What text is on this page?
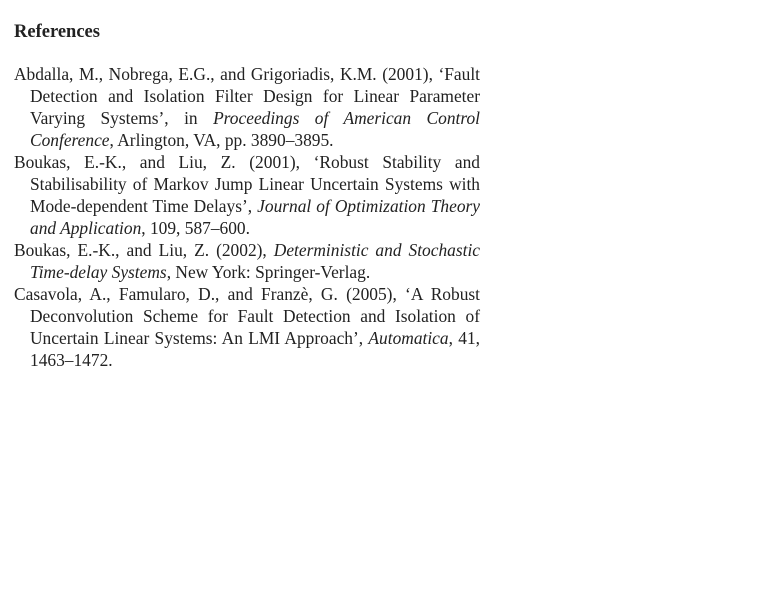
References

Abdalla, M., Nobrega, E.G., and Grigoriadis, K.M. (2001), ‘Fault Detection and Isolation Filter Design for Linear Parameter Varying Systems’, in Proceedings of American Control Conference, Arlington, VA, pp. 3890–3895.

Boukas, E.-K., and Liu, Z. (2001), ‘Robust Stability and Stabilisability of Markov Jump Linear Uncertain Systems with Mode-dependent Time Delays’, Journal of Optimization Theory and Application, 109, 587–600.

Boukas, E.-K., and Liu, Z. (2002), Deterministic and Stochastic Time-delay Systems, New York: Springer-Verlag.

Casavola, A., Famularo, D., and Franzè, G. (2005), ‘A Robust Deconvolution Scheme for Fault Detection and Isolation of Uncertain Linear Systems: An LMI Approach’, Automatica, 41, 1463–1472.
